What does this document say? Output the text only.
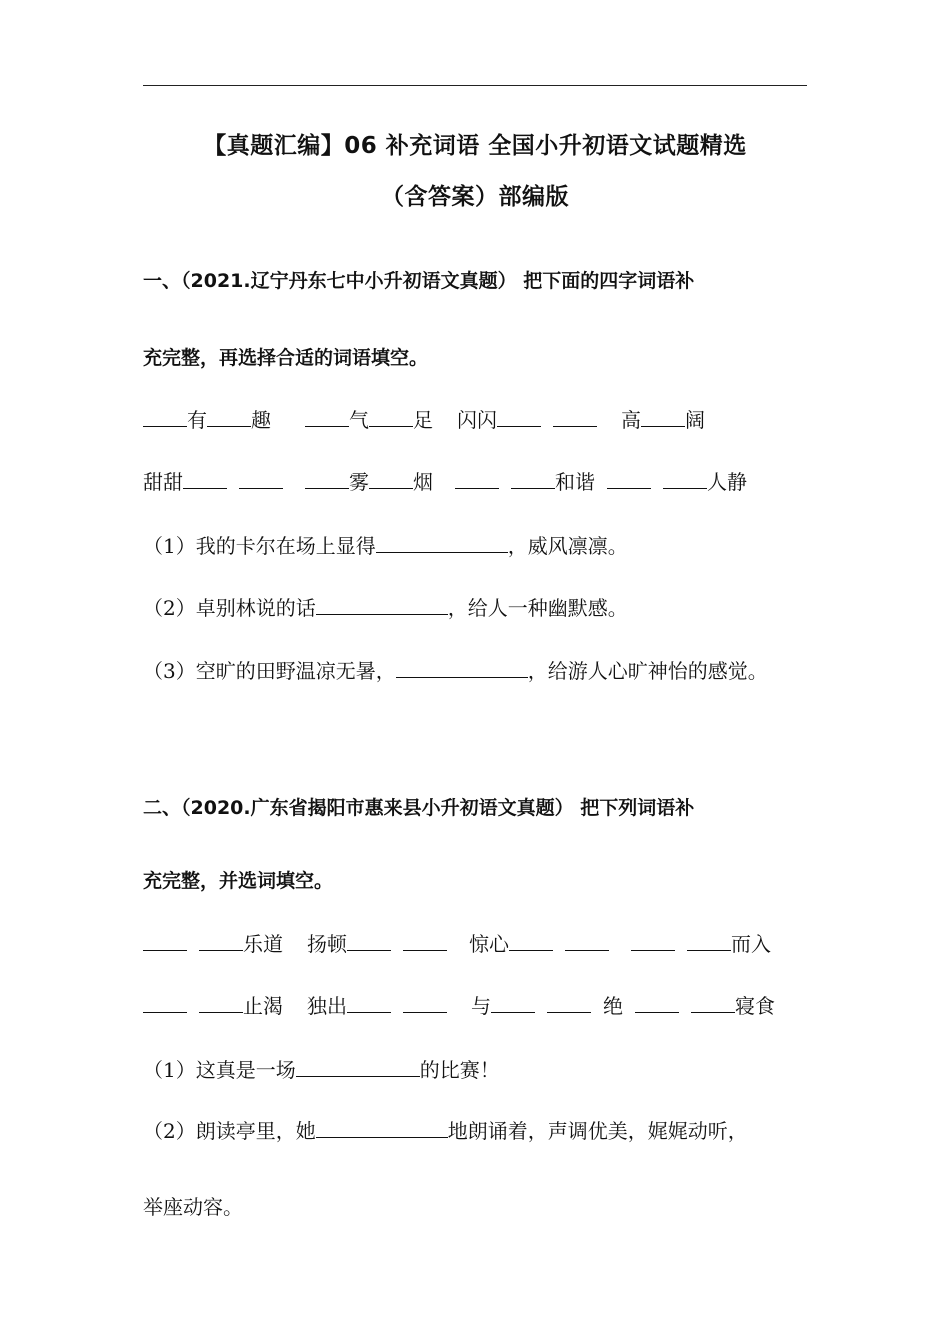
【真题汇编】06 补充词语 全国小升初语文试题精选
（含答案）部编版
一、（2021.辽宁丹东七中小升初语文真题） 把下面的四字词语补
充完整，再选择合适的词语填空。
有 趣	气 足 闪闪	高 阔
甜甜	雾 烟	和谐	人静
（1）我的卡尔在场上显得	，威风凛凛。
（2）卓别林说的话	，给人一种幽默感。
（3）空旷的田野温凉无暑，	，给游人心旷神怡的感觉。
二、（2020.广东省揭阳市惠来县小升初语文真题） 把下列词语补
充完整，并选词填空。
乐道 扬顿	惊心	而入
止渴 独出	与	绝	寝食
（1）这真是一场	的比赛！
（2）朗读亭里，她	地朗诵着，声调优美，娓娓动听，
举座动容。
